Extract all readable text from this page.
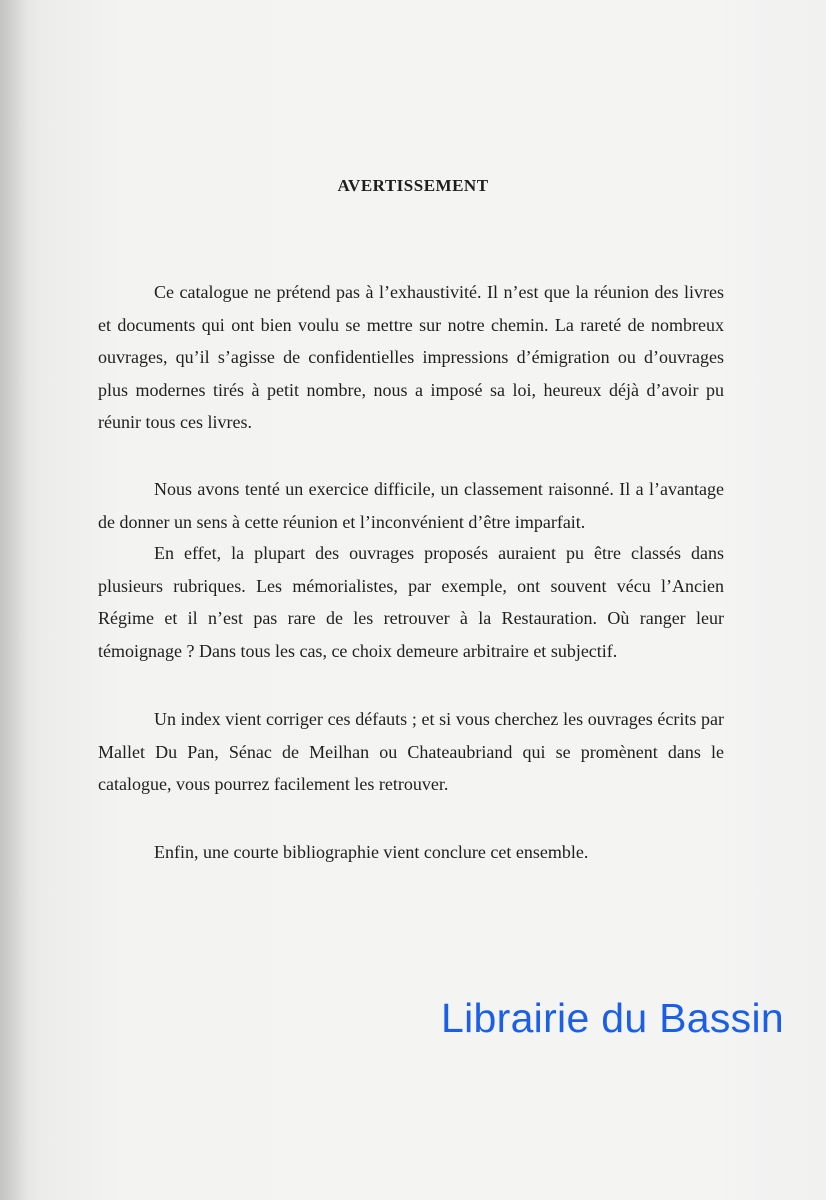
AVERTISSEMENT

Ce catalogue ne prétend pas à l’exhaustivité. Il n’est que la réunion des livres et documents qui ont bien voulu se mettre sur notre chemin. La rareté de nombreux ouvrages, qu’il s’agisse de confidentielles impressions d’émigration ou d’ouvrages plus modernes tirés à petit nombre, nous a imposé sa loi, heureux déjà d’avoir pu réunir tous ces livres.

Nous avons tenté un exercice difficile, un classement raisonné. Il a l’avantage de donner un sens à cette réunion et l’inconvénient d’être imparfait.

En effet, la plupart des ouvrages proposés auraient pu être classés dans plusieurs rubriques. Les mémorialistes, par exemple, ont souvent vécu l’Ancien Régime et il n’est pas rare de les retrouver à la Restauration. Où ranger leur témoignage ? Dans tous les cas, ce choix demeure arbitraire et subjectif.

Un index vient corriger ces défauts ; et si vous cherchez les ouvrages écrits par Mallet Du Pan, Sénac de Meilhan ou Chateaubriand qui se promènent dans le catalogue, vous pourrez facilement les retrouver.

Enfin, une courte bibliographie vient conclure cet ensemble.

Librairie du Bassin
